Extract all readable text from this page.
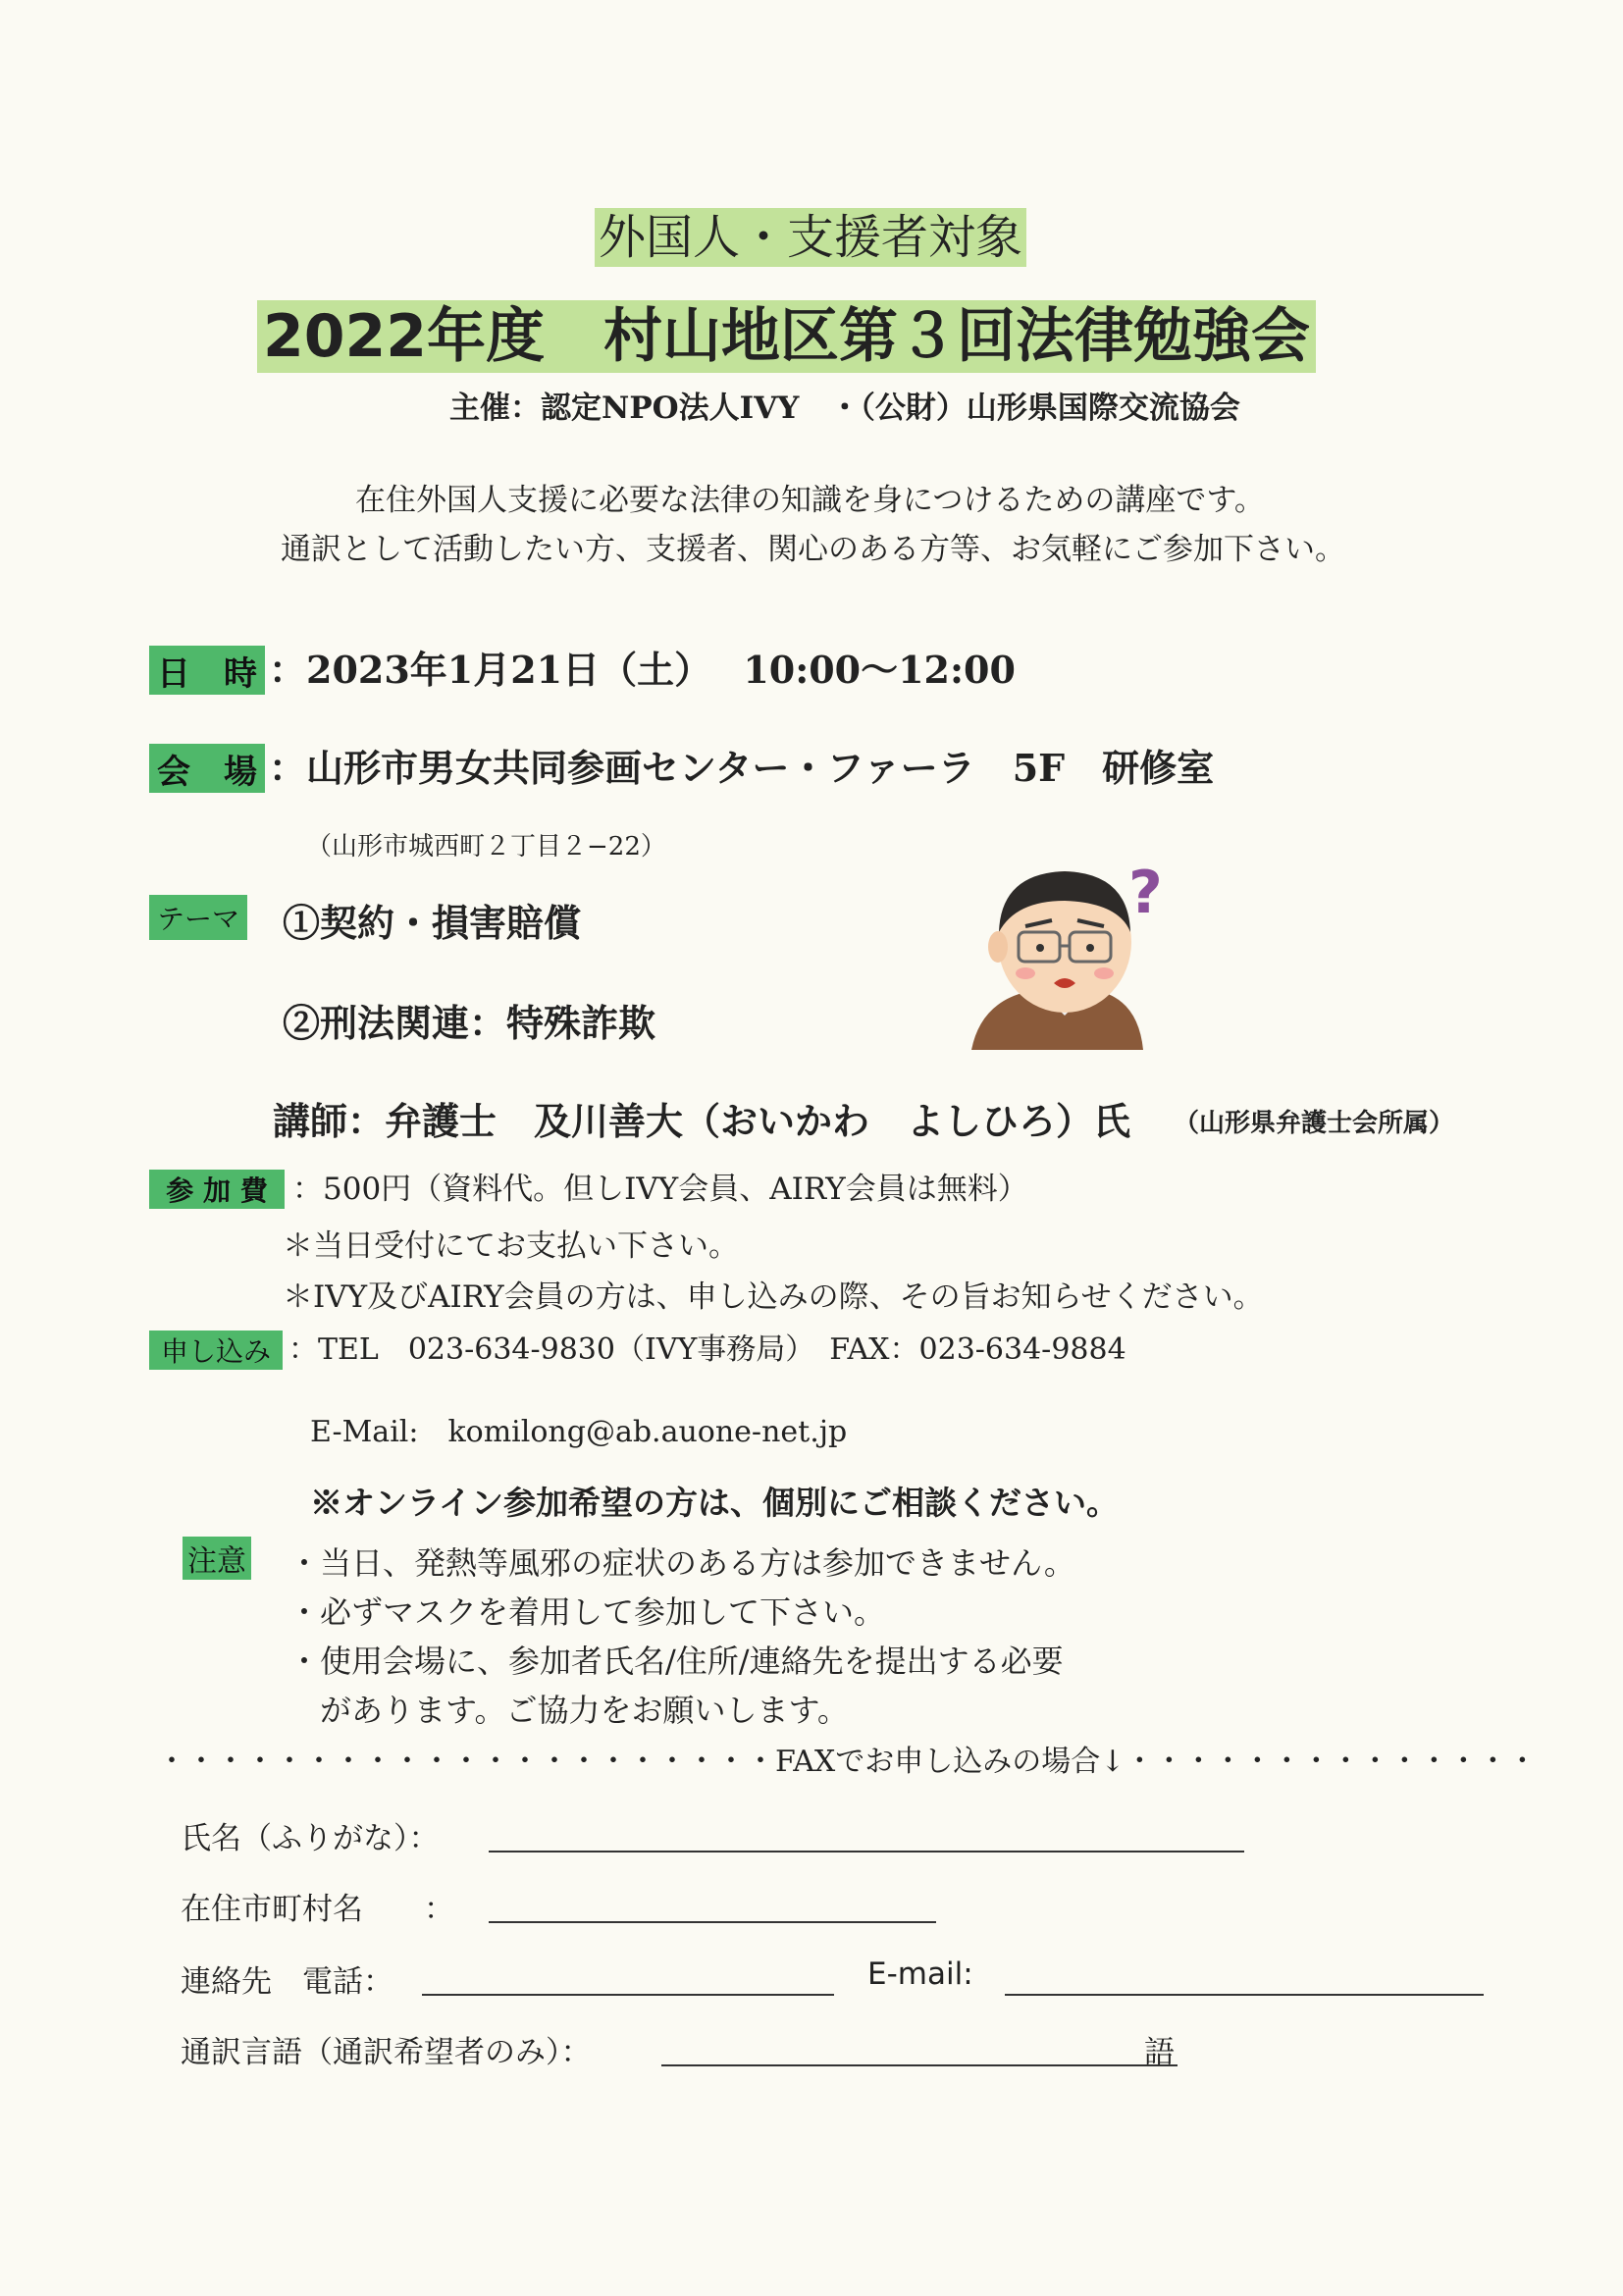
外国人・支援者対象
2022年度　村山地区第３回法律勉強会
主催：認定NPO法人IVY　・（公財）山形県国際交流協会
在住外国人支援に必要な法律の知識を身につけるための講座です。
通訳として活動したい方、支援者、関心のある方等、お気軽にご参加下さい。
日　時 ：2023年1月21日（土）　 10:00～12:00
会　場 ：山形市男女共同参画センター・ファーラ　5F　研修室
（山形市城西町２丁目２−22）
テーマ ①契約・損害賠償
②刑法関連：特殊詐欺
?
講師：弁護士　及川善大（おいかわ　よしひろ）氏 （山形県弁護士会所属）
参 加 費 ：500円（資料代。但しIVY会員、AIRY会員は無料）
＊当日受付にてお支払い下さい。
＊IVY及びAIRY会員の方は、申し込みの際、その旨お知らせください。
申し込み ：TEL　023-634-9830（IVY事務局）　FAX：023-634-9884
E-Mail:　komilong@ab.auone-net.jp
※オンライン参加希望の方は、個別にご相談ください。
注意 ・当日、発熱等風邪の症状のある方は参加できません。
・必ずマスクを着用して参加して下さい。
・使用会場に、参加者氏名/住所/連絡先を提出する必要
　があります。ご協力をお願いします。
・・・・・・・・・・・・・・・・・・・・・FAXでお申し込みの場合↓・・・・・・・・・・・・・・
氏名（ふりがな）：
在住市町村名　　：
連絡先　電話：	E-mail:
通訳言語（通訳希望者のみ）：	語
